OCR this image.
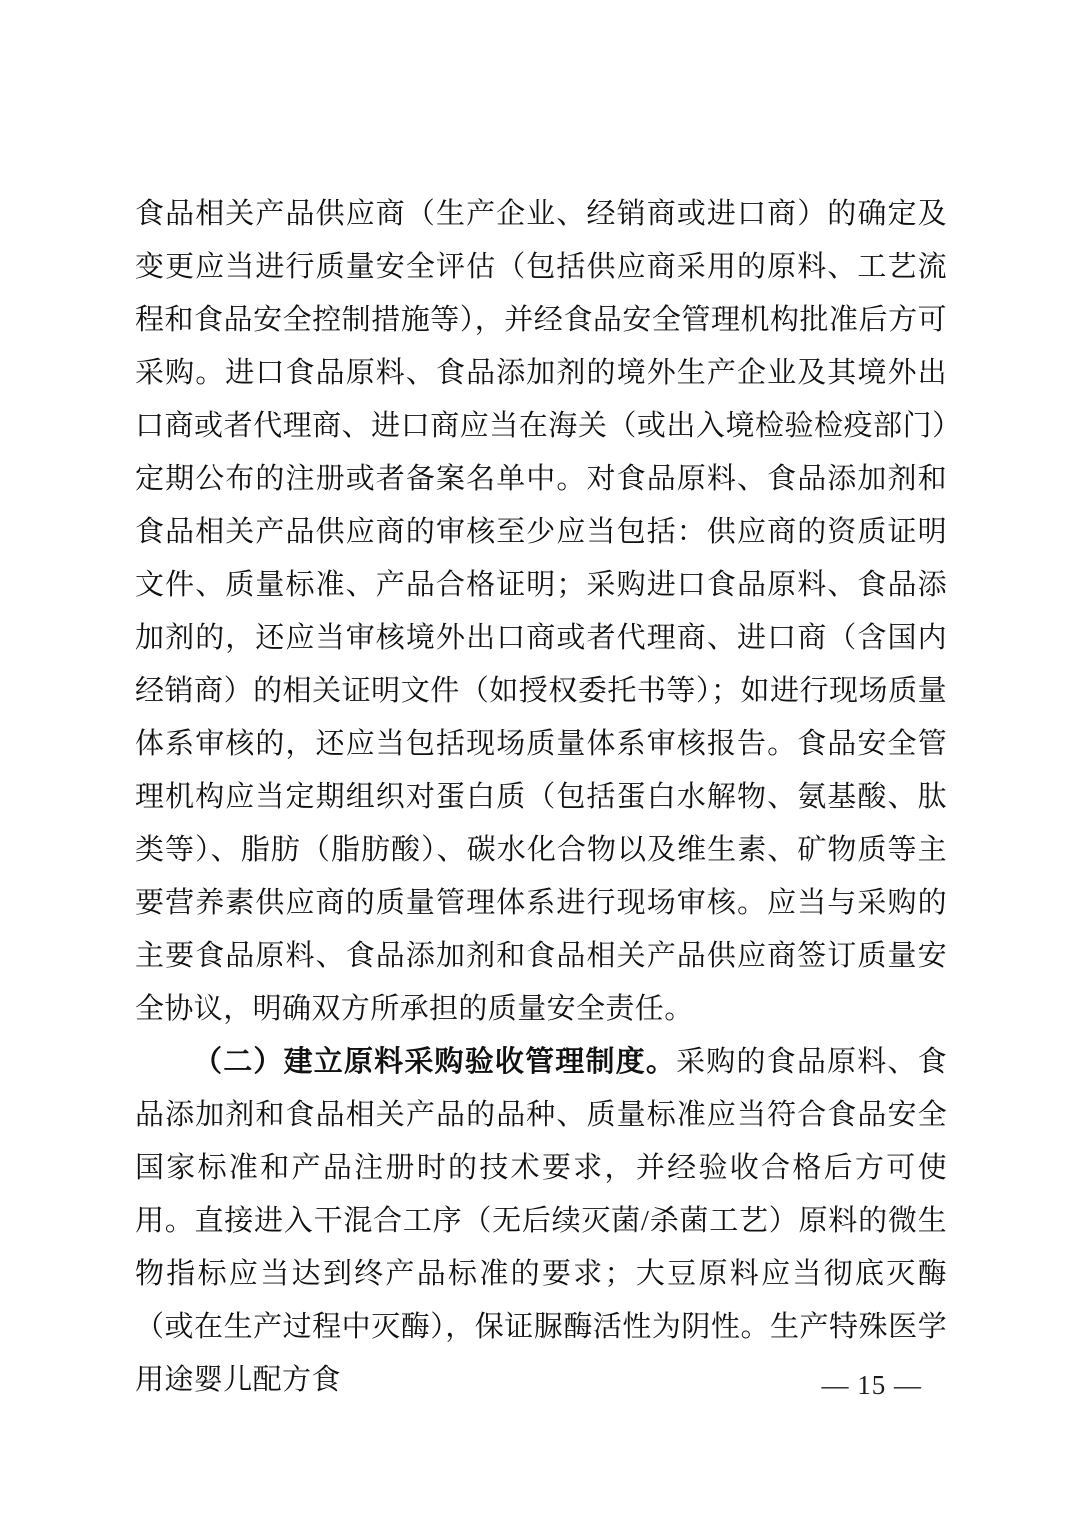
食品相关产品供应商（生产企业、经销商或进口商）的确定及变更应当进行质量安全评估（包括供应商采用的原料、工艺流程和食品安全控制措施等），并经食品安全管理机构批准后方可采购。进口食品原料、食品添加剂的境外生产企业及其境外出口商或者代理商、进口商应当在海关（或出入境检验检疫部门）定期公布的注册或者备案名单中。对食品原料、食品添加剂和食品相关产品供应商的审核至少应当包括：供应商的资质证明文件、质量标准、产品合格证明；采购进口食品原料、食品添加剂的，还应当审核境外出口商或者代理商、进口商（含国内经销商）的相关证明文件（如授权委托书等）；如进行现场质量体系审核的，还应当包括现场质量体系审核报告。食品安全管理机构应当定期组织对蛋白质（包括蛋白水解物、氨基酸、肽类等）、脂肪（脂肪酸）、碳水化合物以及维生素、矿物质等主要营养素供应商的质量管理体系进行现场审核。应当与采购的主要食品原料、食品添加剂和食品相关产品供应商签订质量安全协议，明确双方所承担的质量安全责任。

（二）建立原料采购验收管理制度。采购的食品原料、食品添加剂和食品相关产品的品种、质量标准应当符合食品安全国家标准和产品注册时的技术要求，并经验收合格后方可使用。直接进入干混合工序（无后续灭菌/杀菌工艺）原料的微生物指标应当达到终产品标准的要求；大豆原料应当彻底灭酶（或在生产过程中灭酶），保证脲酶活性为阴性。生产特殊医学用途婴儿配方食	— 15 —
